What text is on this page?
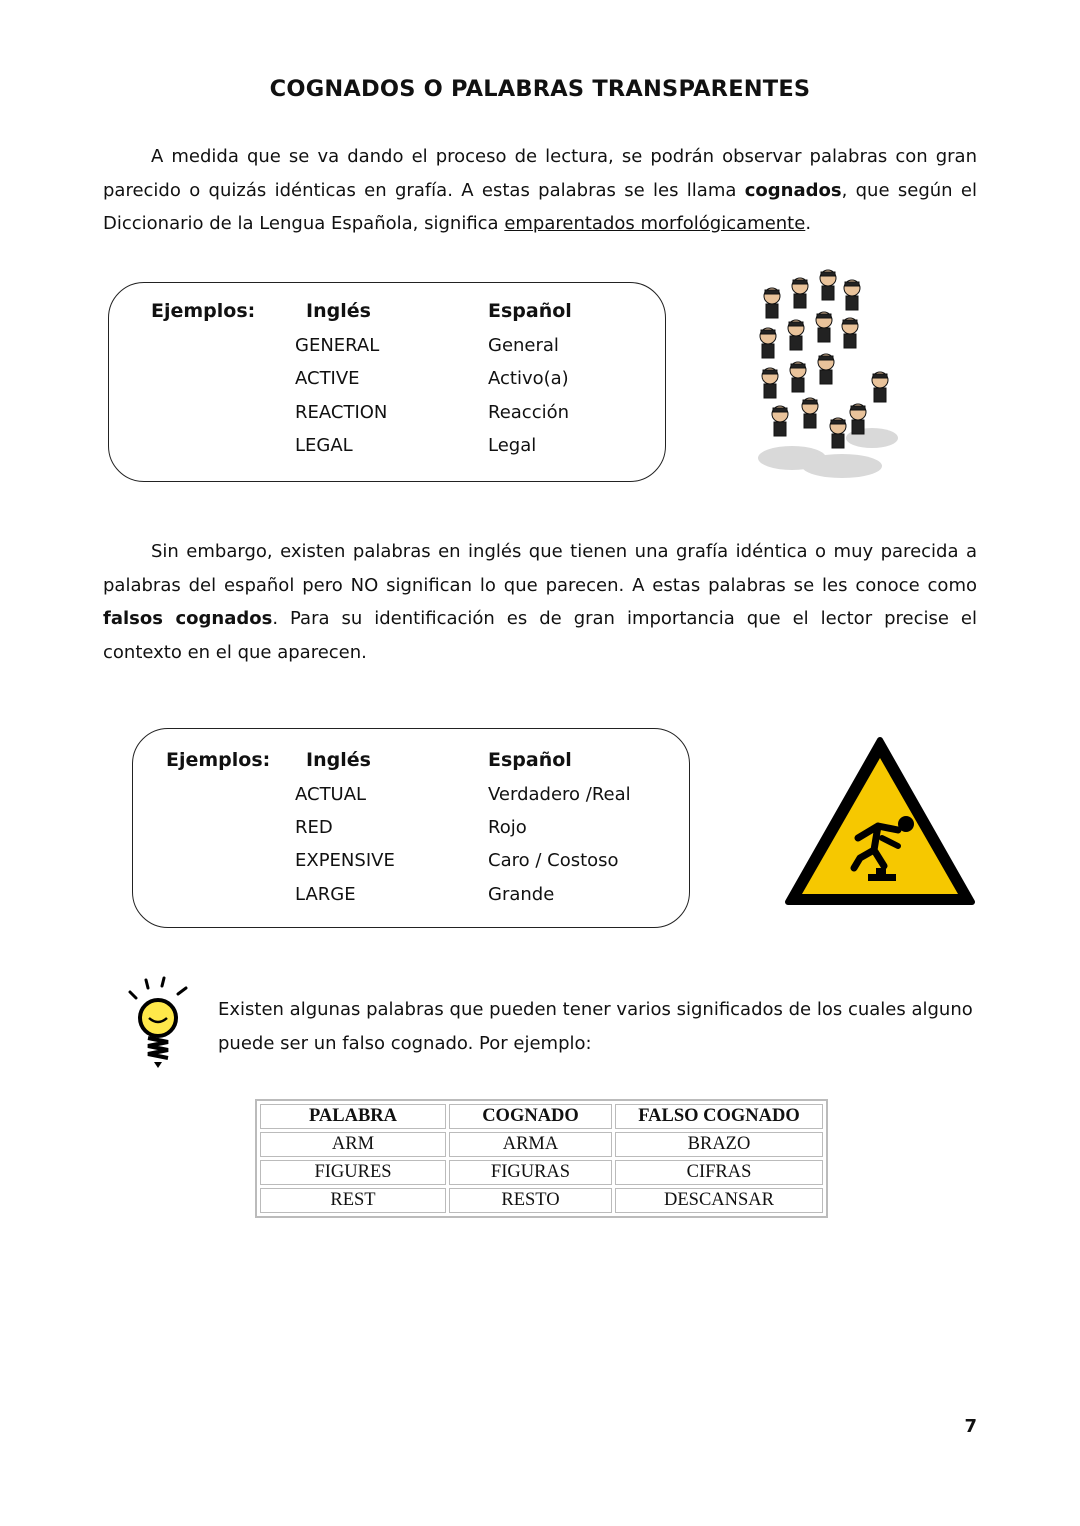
COGNADOS O PALABRAS TRANSPARENTES

A medida que se va dando el proceso de lectura, se podrán observar palabras con gran parecido o quizás idénticas en grafía. A estas palabras se les llama cognados, que según el Diccionario de la Lengua Española, significa emparentados morfológicamente.

Ejemplos:	Inglés	Español
GENERAL	General
ACTIVE	Activo(a)
REACTION	Reacción
LEGAL	Legal

Sin embargo, existen palabras en inglés que tienen una grafía idéntica o muy parecida a palabras del español pero NO significan lo que parecen. A estas palabras se les conoce como falsos cognados. Para su identificación es de gran importancia que el lector precise el contexto en el que aparecen.

Ejemplos: Inglés	Español
ACTUAL	Verdadero /Real
RED	Rojo
EXPENSIVE	Caro / Costoso
LARGE	Grande
Existen algunas palabras que pueden tener varios significados de los cuales alguno puede ser un falso cognado. Por ejemplo:
PALABRA	COGNADO	FALSO COGNADO
ARM	ARMA	BRAZO
FIGURES	FIGURAS	CIFRAS
REST	RESTO	DESCANSAR
7
